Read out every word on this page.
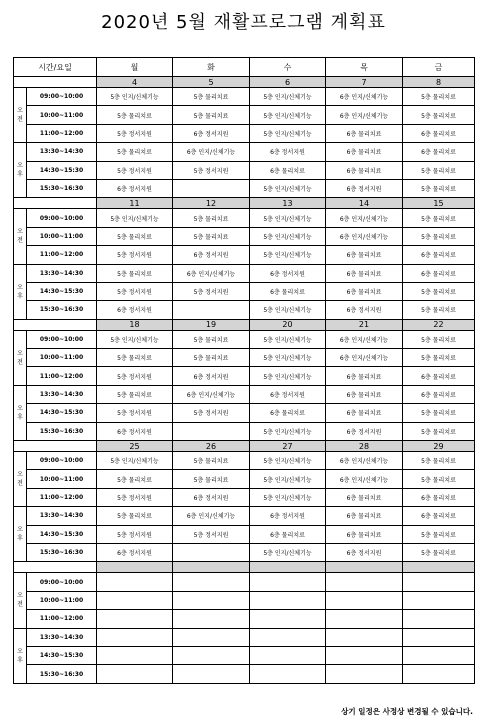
2020년 5월 재활프로그램 계획표
시간/요일		월	화	수	목	금
		4	5	6	7	8
오
전	09:00~10:00	5층 인지/신체기능	5층 물리치료	5층 인지/신체기능	6층 인지/신체기능	5층 물리치료
	10:00~11:00	5층 물리치료	5층 물리치료	5층 인지/신체기능	6층 인지/신체기능	5층 물리치료
	11:00~12:00	5층 정서지원	6층 정서지원	5층 인지/신체기능	6층 물리치료	6층 물리치료
오
후	13:30~14:30	5층 물리치료	6층 인지/신체기능	6층 정서지원	6층 물리치료	6층 물리치료
	14:30~15:30	5층 정서지원	5층 정서지원	6층 물리치료	6층 물리치료	5층 물리치료
	15:30~16:30	6층 정서지원		5층 인지/신체기능	6층 정서지원	5층 물리치료
		11	12	13	14	15
오
전	09:00~10:00	5층 인지/신체기능	5층 물리치료	5층 인지/신체기능	6층 인지/신체기능	5층 물리치료
	10:00~11:00	5층 물리치료	5층 물리치료	5층 인지/신체기능	6층 인지/신체기능	5층 물리치료
	11:00~12:00	5층 정서지원	6층 정서지원	5층 인지/신체기능	6층 물리치료	6층 물리치료
오
후	13:30~14:30	5층 물리치료	6층 인지/신체기능	6층 정서지원	6층 물리치료	6층 물리치료
	14:30~15:30	5층 정서지원	5층 정서지원	6층 물리치료	6층 물리치료	5층 물리치료
	15:30~16:30	6층 정서지원		5층 인지/신체기능	6층 정서지원	5층 물리치료
		18	19	20	21	22
오
전	09:00~10:00	5층 인지/신체기능	5층 물리치료	5층 인지/신체기능	6층 인지/신체기능	5층 물리치료
	10:00~11:00	5층 물리치료	5층 물리치료	5층 인지/신체기능	6층 인지/신체기능	5층 물리치료
	11:00~12:00	5층 정서지원	6층 정서지원	5층 인지/신체기능	6층 물리치료	6층 물리치료
오
후	13:30~14:30	5층 물리치료	6층 인지/신체기능	6층 정서지원	6층 물리치료	6층 물리치료
	14:30~15:30	5층 정서지원	5층 정서지원	6층 물리치료	6층 물리치료	5층 물리치료
	15:30~16:30	6층 정서지원		5층 인지/신체기능	6층 정서지원	5층 물리치료
		25	26	27	28	29
오
전	09:00~10:00	5층 인지/신체기능	5층 물리치료	5층 인지/신체기능	6층 인지/신체기능	5층 물리치료
	10:00~11:00	5층 물리치료	5층 물리치료	5층 인지/신체기능	6층 인지/신체기능	5층 물리치료
	11:00~12:00	5층 정서지원	6층 정서지원	5층 인지/신체기능	6층 물리치료	6층 물리치료
오
후	13:30~14:30	5층 물리치료	6층 인지/신체기능	6층 정서지원	6층 물리치료	6층 물리치료
	14:30~15:30	5층 정서지원	5층 정서지원	6층 물리치료	6층 물리치료	5층 물리치료
	15:30~16:30	6층 정서지원		5층 인지/신체기능	6층 정서지원	5층 물리치료

오
전	09:00~10:00					
	10:00~11:00					
	11:00~12:00					
오
후	13:30~14:30					
	14:30~15:30					
	15:30~16:30					
상기 일정은 사정상 변경될 수 있습니다.
